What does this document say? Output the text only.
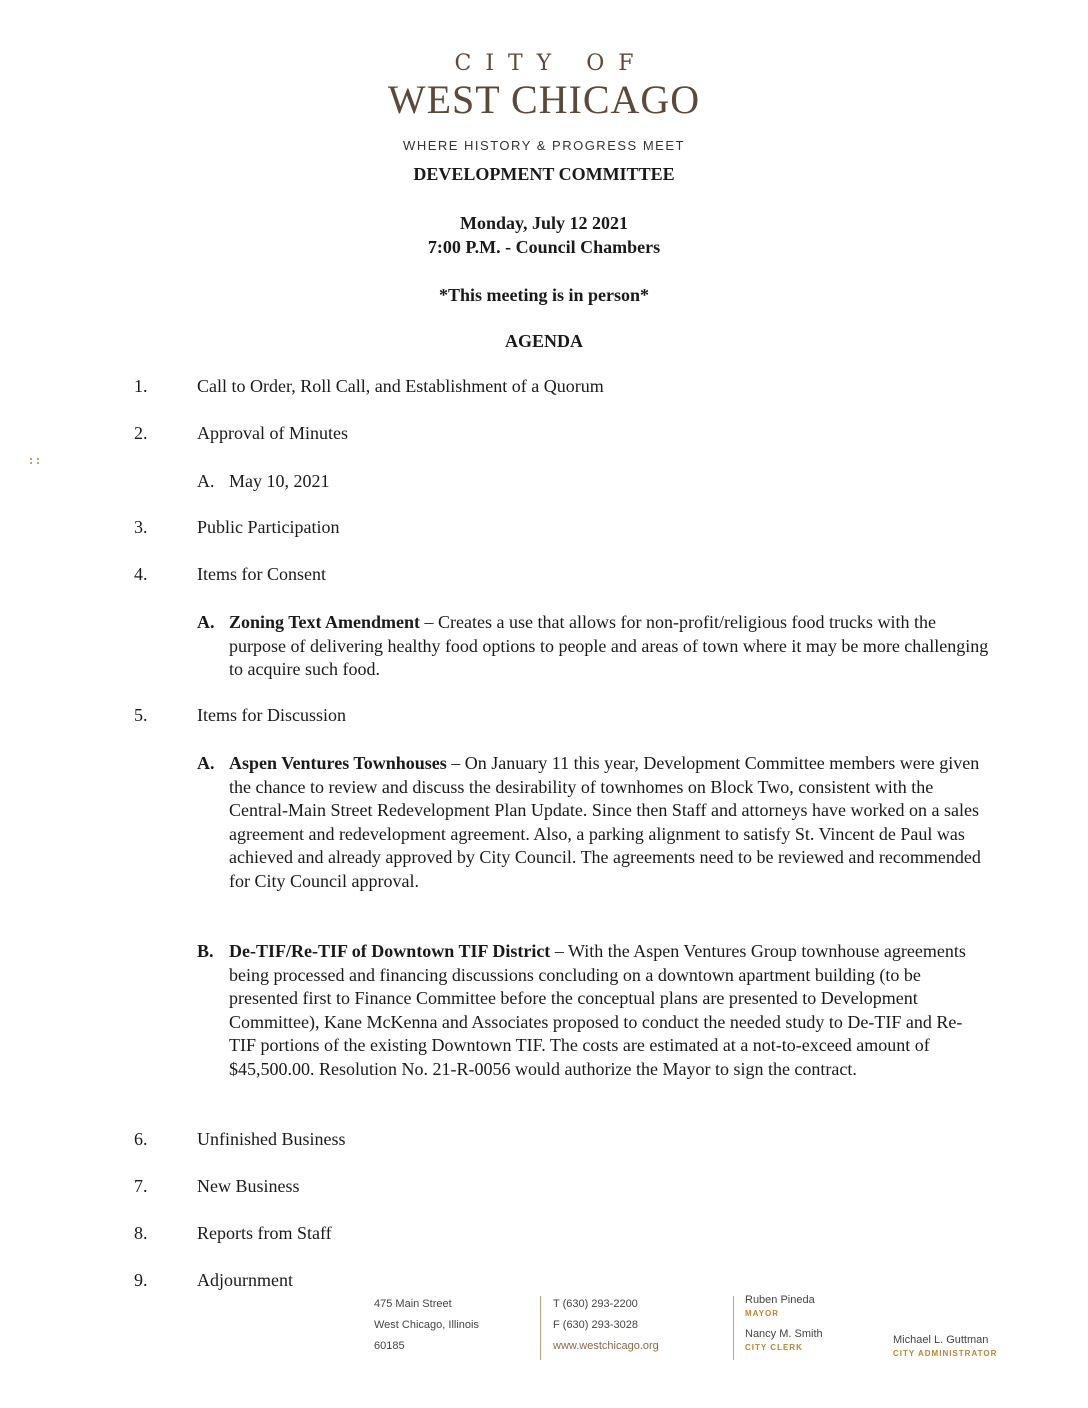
CITY OF
WEST CHICAGO
WHERE HISTORY & PROGRESS MEET
DEVELOPMENT COMMITTEE
Monday, July 12 2021
7:00 P.M. - Council Chambers
*This meeting is in person*
AGENDA
1.	Call to Order, Roll Call, and Establishment of a Quorum
2.	Approval of Minutes
A. May 10, 2021
3.	Public Participation
4.	Items for Consent
A. Zoning Text Amendment – Creates a use that allows for non-profit/religious food trucks with the purpose of delivering healthy food options to people and areas of town where it may be more challenging to acquire such food.
5.	Items for Discussion
A. Aspen Ventures Townhouses – On January 11 this year, Development Committee members were given the chance to review and discuss the desirability of townhomes on Block Two, consistent with the Central-Main Street Redevelopment Plan Update. Since then Staff and attorneys have worked on a sales agreement and redevelopment agreement. Also, a parking alignment to satisfy St. Vincent de Paul was achieved and already approved by City Council. The agreements need to be reviewed and recommended for City Council approval.
B. De-TIF/Re-TIF of Downtown TIF District – With the Aspen Ventures Group townhouse agreements being processed and financing discussions concluding on a downtown apartment building (to be presented first to Finance Committee before the conceptual plans are presented to Development Committee), Kane McKenna and Associates proposed to conduct the needed study to De-TIF and Re-TIF portions of the existing Downtown TIF. The costs are estimated at a not-to-exceed amount of $45,500.00. Resolution No. 21-R-0056 would authorize the Mayor to sign the contract.
6.	Unfinished Business
7.	New Business
8.	Reports from Staff
9.	Adjournment
475 Main Street
West Chicago, Illinois
60185
T (630) 293-2200
F (630) 293-3028
www.westchicago.org
Ruben Pineda
MAYOR
Nancy M. Smith
CITY CLERK
Michael L. Guttman
CITY ADMINISTRATOR
